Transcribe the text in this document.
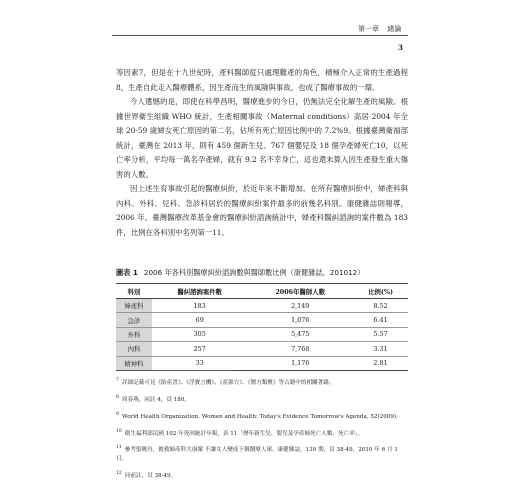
第一章 緒論
3

等因素7，但是在十九世紀時，產科醫師從只處理難產的角色，積極介入正常的生產過程8，生產自此走入醫療體系，因生產而生的風險與事故，也成了醫療事故的一環。

今人遺憾的是，即使在科學昌明，醫療進步的今日，仍無法完全化解生產的風險。根據世界衛生組織 WHO 統計，生產相關事故（Maternal conditions）高居 2004 年全球 20-59 歲婦女死亡原因的第二名，佔所有死亡原因比例中的 7.2%9。根據臺灣衛福部統計，臺灣在 2013 年，則有 459 個新生兒、767 個嬰兒及 18 個孕產婦死亡10，以死亡率分析，平均每一萬名孕產婦，就有 9.2 名不幸身亡，這也還未算入因生產發生重大傷害的人數。

因上述生育事故引起的醫療糾紛，於近年來不斷增加。在所有醫療糾紛中，婦產科與內科、外科、兒科、急診科居於的醫療糾紛案件最多的前幾名科別。康健雜誌則報導，2006 年，臺灣醫療改革基金會的醫療糾紛諮詢統計中，婦產科醫糾諮詢的案件數為 183 件，比例在各科別中名列第一11。

圖表 1 2006 年各科別醫療糾紛諮詢數與醫師數比例（康健雜誌，201012）
科別	醫糾諮詢案件數	2006年醫師人數	比例(%)
婦產科	183	2,149	8.52
急診	69	1,076	6.41
外科	305	5,475	5.57
內科	257	7,768	3.31
精神科	33	1,176	2.81

$^7$ 詳細記載可見《胎產書》、《浮寶言機》、《產源方》、《醫方類聚》等古籍中的相關著錄。

$^8$ 周春燕，同註 4，頁 180。

$^9$ World Health Organization, Women and Health: Today's Evidence Tomorrow's Agenda, 52(2009).

$^{10}$ 衛生福利部民國 102 年死因統計年報，表 11「歷年新生兒、嬰兒及孕產婦死亡人數、死亡率」。

$^{11}$ 參考張曉舟，擔救婦產科大崩壞 不讓女人變成下個醫療人球，康健雜誌，139 期，頁 38-49，2010 年 6 月 1 日。

$^{12}$ 同前註，頁 38-49。
